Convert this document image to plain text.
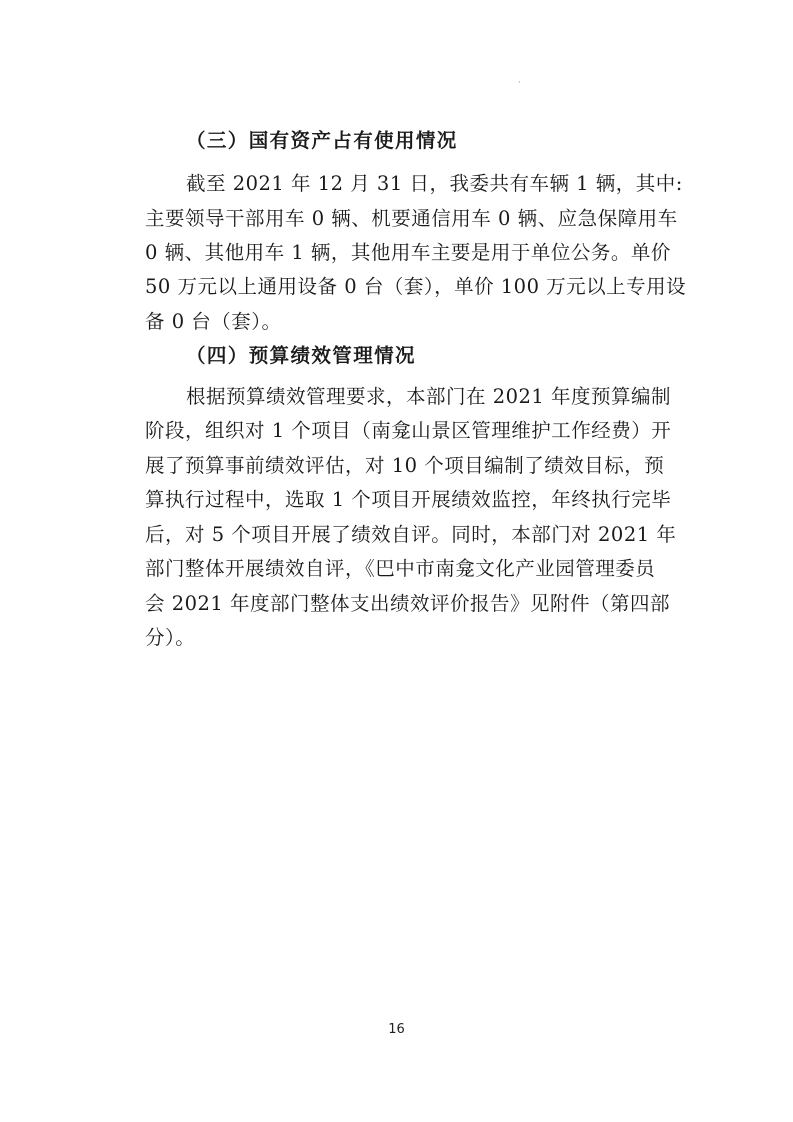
·
（三）国有资产占有使用情况
截至 2021 年 12 月 31 日，我委共有车辆 1 辆，其中:
主要领导干部用车 0 辆、机要通信用车 0 辆、应急保障用车
0 辆、其他用车 1 辆，其他用车主要是用于单位公务。单价
50 万元以上通用设备 0 台（套），单价 100 万元以上专用设
备 0 台（套）。
（四）预算绩效管理情况
根据预算绩效管理要求，本部门在 2021 年度预算编制
阶段，组织对 1 个项目（南龛山景区管理维护工作经费）开
展了预算事前绩效评估，对 10 个项目编制了绩效目标，预
算执行过程中，选取 1 个项目开展绩效监控，年终执行完毕
后，对 5 个项目开展了绩效自评。同时，本部门对 2021 年
部门整体开展绩效自评，《巴中市南龛文化产业园管理委员
会 2021 年度部门整体支出绩效评价报告》见附件（第四部
分）。
16
